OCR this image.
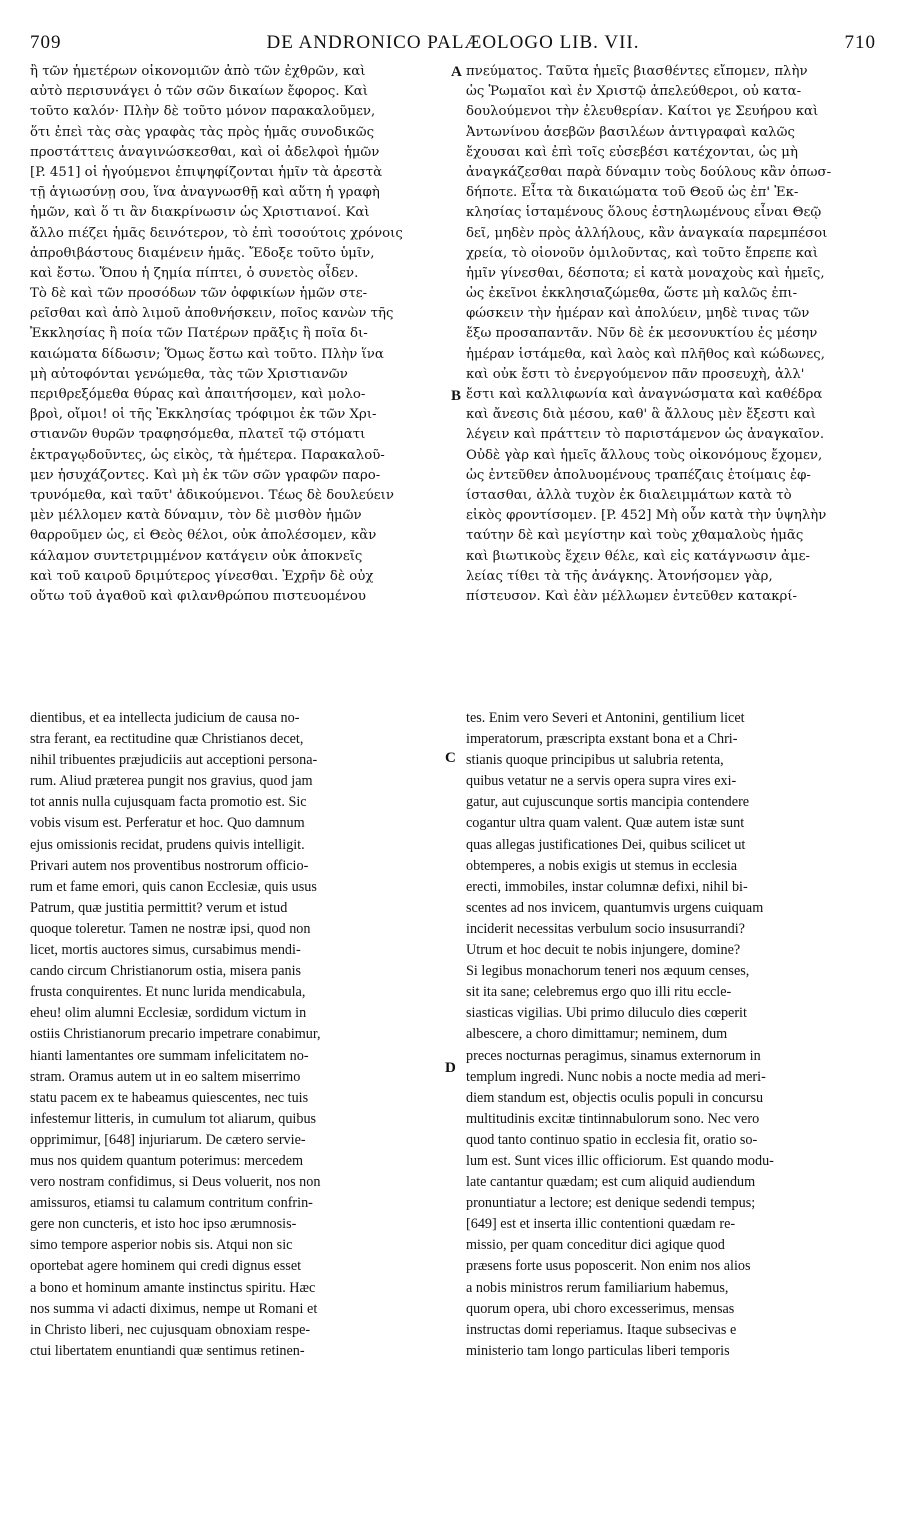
709	DE ANDRONICO PALÆOLOGO LIB. VII.	710
ἢ τῶν ἡμετέρων οἰκονομιῶν ἀπὸ τῶν ἐχθρῶν, καὶ
αὐτὸ περισυνάγει ὁ τῶν σῶν δικαίων ἔφορος. Καὶ
τοῦτο καλόν· Πλὴν δὲ τοῦτο μόνον παρακαλοῦμεν,
ὅτι ἐπεὶ τὰς σὰς γραφὰς τὰς πρὸς ἡμᾶς συνοδικῶς
προστάττεις ἀναγινώσκεσθαι, καὶ οἱ ἀδελφοὶ ἡμῶν
[P. 451] οἱ ἡγούμενοι ἐπιψηφίζονται ἡμῖν τὰ ἀρεστὰ
τῇ ἁγιωσύνῃ σου, ἵνα ἀναγνωσθῇ καὶ αὕτη ἡ γραφὴ
ἡμῶν, καὶ ὅ τι ἂν διακρίνωσιν ὡς Χριστιανοί. Καὶ
ἄλλο πιέζει ἡμᾶς δεινότερον, τὸ ἐπὶ τοσούτοις χρόνοις
ἀπροθιβάστους διαμένειν ἡμᾶς. Ἔδοξε τοῦτο ὑμῖν,
καὶ ἔστω. Ὅπου ἡ ζημία πίπτει, ὁ συνετὸς οἶδεν.
Τὸ δὲ καὶ τῶν προσόδων τῶν ὀφφικίων ἡμῶν στε-
ρεῖσθαι καὶ ἀπὸ λιμοῦ ἀποθνήσκειν, ποῖος κανὼν τῆς
Ἐκκλησίας ἢ ποία τῶν Πατέρων πρᾶξις ἢ ποῖα δι-
καιώματα δίδωσιν; Ὅμως ἔστω καὶ τοῦτο. Πλὴν ἵνα
μὴ αὐτοφόνται γενώμεθα, τὰς τῶν Χριστιανῶν
περιθρεξόμεθα θύρας καὶ ἀπαιτήσομεν, καὶ μολο-
βροὶ, οἴμοι! οἱ τῆς Ἐκκλησίας τρόφιμοι ἐκ τῶν Χρι-
στιανῶν θυρῶν τραφησόμεθα, πλατεῖ τῷ στόματι
ἐκτραγῳδοῦντες, ὡς εἰκὸς, τὰ ἡμέτερα. Παρακαλοῦ-
μεν ἡσυχάζοντες. Καὶ μὴ ἐκ τῶν σῶν γραφῶν παρο-
τρυνόμεθα, καὶ ταῦτ' ἀδικούμενοι. Τέως δὲ δουλεύειν
μὲν μέλλομεν κατὰ δύναμιν, τὸν δὲ μισθὸν ἡμῶν
θαρροῦμεν ὡς, εἰ Θεὸς θέλοι, οὐκ ἀπολέσομεν, κἂν
κάλαμον συντετριμμένον κατάγειν οὐκ ἀποκνεῖς
καὶ τοῦ καιροῦ δριμύτερος γίνεσθαι. Ἐχρῆν δὲ οὐχ
οὕτω τοῦ ἀγαθοῦ καὶ φιλανθρώπου πιστευομένου
πνεύματος. Ταῦτα ἡμεῖς βιασθέντες εἴπομεν, πλὴν
ὡς Ῥωμαῖοι καὶ ἐν Χριστῷ ἀπελεύθεροι, οὐ κατα-
δουλούμενοι τὴν ἐλευθερίαν. Καίτοι γε Σευήρου καὶ
Ἀντωνίνου ἀσεβῶν βασιλέων ἀντιγραφαὶ καλῶς
ἔχουσαι καὶ ἐπὶ τοῖς εὐσεβέσι κατέχονται, ὡς μὴ
ἀναγκάζεσθαι παρὰ δύναμιν τοὺς δούλους κἂν ὁπωσ-
δήποτε. Εἶτα τὰ δικαιώματα τοῦ Θεοῦ ὡς ἐπ' Ἐκ-
κλησίας ἱσταμένους ὅλους ἐστηλωμένους εἶναι Θεῷ
δεῖ, μηδὲν πρὸς ἀλλήλους, κἂν ἀναγκαία παρεμπέσοι
χρεία, τὸ οἱονοῦν ὁμιλοῦντας, καὶ τοῦτο ἔπρεπε καὶ
ἡμῖν γίνεσθαι, δέσποτα; εἰ κατὰ μοναχοὺς καὶ ἡμεῖς,
ὡς ἐκεῖνοι ἐκκλησιαζώμεθα, ὥστε μὴ καλῶς ἐπι-
φώσκειν τὴν ἡμέραν καὶ ἀπολύειν, μηδὲ τινας τῶν
ἔξω προσαπαντᾶν. Νῦν δὲ ἐκ μεσονυκτίου ἐς μέσην
ἡμέραν ἱστάμεθα, καὶ λαὸς καὶ πλῆθος καὶ κώδωνες,
καὶ οὐκ ἔστι τὸ ἐνεργούμενον πᾶν προσευχὴ, ἀλλ'
ἔστι καὶ καλλιφωνία καὶ ἀναγνώσματα καὶ καθέδρα
καὶ ἄνεσις διὰ μέσου, καθ' ἃ ἄλλους μὲν ἔξεστι καὶ
λέγειν καὶ πράττειν τὸ παριστάμενον ὡς ἀναγκαῖον.
Οὐδὲ γὰρ καὶ ἡμεῖς ἄλλους τοὺς οἰκονόμους ἔχομεν,
ὡς ἐντεῦθεν ἀπολυομένους τραπέζαις ἑτοίμαις ἐφ-
ίστασθαι, ἀλλὰ τυχὸν ἐκ διαλειμμάτων κατὰ τὸ
εἰκὸς φροντίσομεν. [P. 452] Μὴ οὖν κατὰ τὴν ὑψηλὴν
ταύτην δὲ καὶ μεγίστην καὶ τοὺς χθαμαλοὺς ἡμᾶς
καὶ βιωτικοὺς ἔχειν θέλε, καὶ εἰς κατάγνωσιν ἀμε-
λείας τίθει τὰ τῆς ἀνάγκης. Ἀτονήσομεν γὰρ,
πίστευσον. Καὶ ἐὰν μέλλωμεν ἐντεῦθεν κατακρί-
dientibus, et ea intellecta judicium de causa no-
stra ferant, ea rectitudine quæ Christianos decet,
nihil tribuentes præjudiciis aut acceptioni persona-
rum. Aliud præterea pungit nos gravius, quod jam
tot annis nulla cujusquam facta promotio est. Sic
vobis visum est. Perferatur et hoc. Quo damnum
ejus omissionis recidat, prudens quivis intelligit.
Privari autem nos proventibus nostrorum officio-
rum et fame emori, quis canon Ecclesiæ, quis usus
Patrum, quæ justitia permittit? verum et istud
quoque toleretur. Tamen ne nostræ ipsi, quod non
licet, mortis auctores simus, cursabimus mendi-
cando circum Christianorum ostia, misera panis
frusta conquirentes. Et nunc lurida mendicabula,
eheu! olim alumni Ecclesiæ, sordidum victum in
ostiis Christianorum precario impetrare conabimur,
hianti lamentantes ore summam infelicitatem no-
stram. Oramus autem ut in eo saltem miserrimo
statu pacem ex te habeamus quiescentes, nec tuis
infestemur litteris, in cumulum tot aliarum, quibus
opprimimur, [648] injuriarum. De cætero servie-
mus nos quidem quantum poterimus: mercedem
vero nostram confidimus, si Deus voluerit, nos non
amissuros, etiamsi tu calamum contritum confrin-
gere non cuncteris, et isto hoc ipso ærumnosis-
simo tempore asperior nobis sis. Atqui non sic
oportebat agere hominem qui credi dignus esset
a bono et hominum amante instinctus spiritu. Hæc
nos summa vi adacti diximus, nempe ut Romani et
in Christo liberi, nec cujusquam obnoxiam respe-
ctui libertatem enuntiandi quæ sentimus retinen-
tes. Enim vero Severi et Antonini, gentilium licet
imperatorum, præscripta exstant bona et a Chri-
stianis quoque principibus ut salubria retenta,
quibus vetatur ne a servis opera supra vires exi-
gatur, aut cujuscunque sortis mancipia contendere
cogantur ultra quam valent. Quæ autem istæ sunt
quas allegas justificationes Dei, quibus scilicet ut
obtemperes, a nobis exigis ut stemus in ecclesia
erecti, immobiles, instar columnæ defixi, nihil bi-
scentes ad nos invicem, quantumvis urgens cuiquam
inciderit necessitas verbulum socio insusurrandi?
Utrum et hoc decuit te nobis injungere, domine?
Si legibus monachorum teneri nos æquum censes,
sit ita sane; celebremus ergo quo illi ritu eccle-
siasticas vigilias. Ubi primo diluculo dies cœperit
albescere, a choro dimittamur; neminem, dum
preces nocturnas peragimus, sinamus externorum in
templum ingredi. Nunc nobis a nocte media ad meri-
diem standum est, objectis oculis populi in concursu
multitudinis excitæ tintinnabulorum sono. Nec vero
quod tanto continuo spatio in ecclesia fit, oratio so-
lum est. Sunt vices illic officiorum. Est quando modu-
late cantantur quædam; est cum aliquid audiendum
pronuntiatur a lectore; est denique sedendi tempus;
[649] est et inserta illic contentioni quædam re-
missio, per quam conceditur dici agique quod
præsens forte usus poposcerit. Non enim nos alios
a nobis ministros rerum familiarium habemus,
quorum opera, ubi choro excesserimus, mensas
instructas domi reperiamus. Itaque subsecivas e
ministerio tam longo particulas liberi temporis
A
B
C
D
